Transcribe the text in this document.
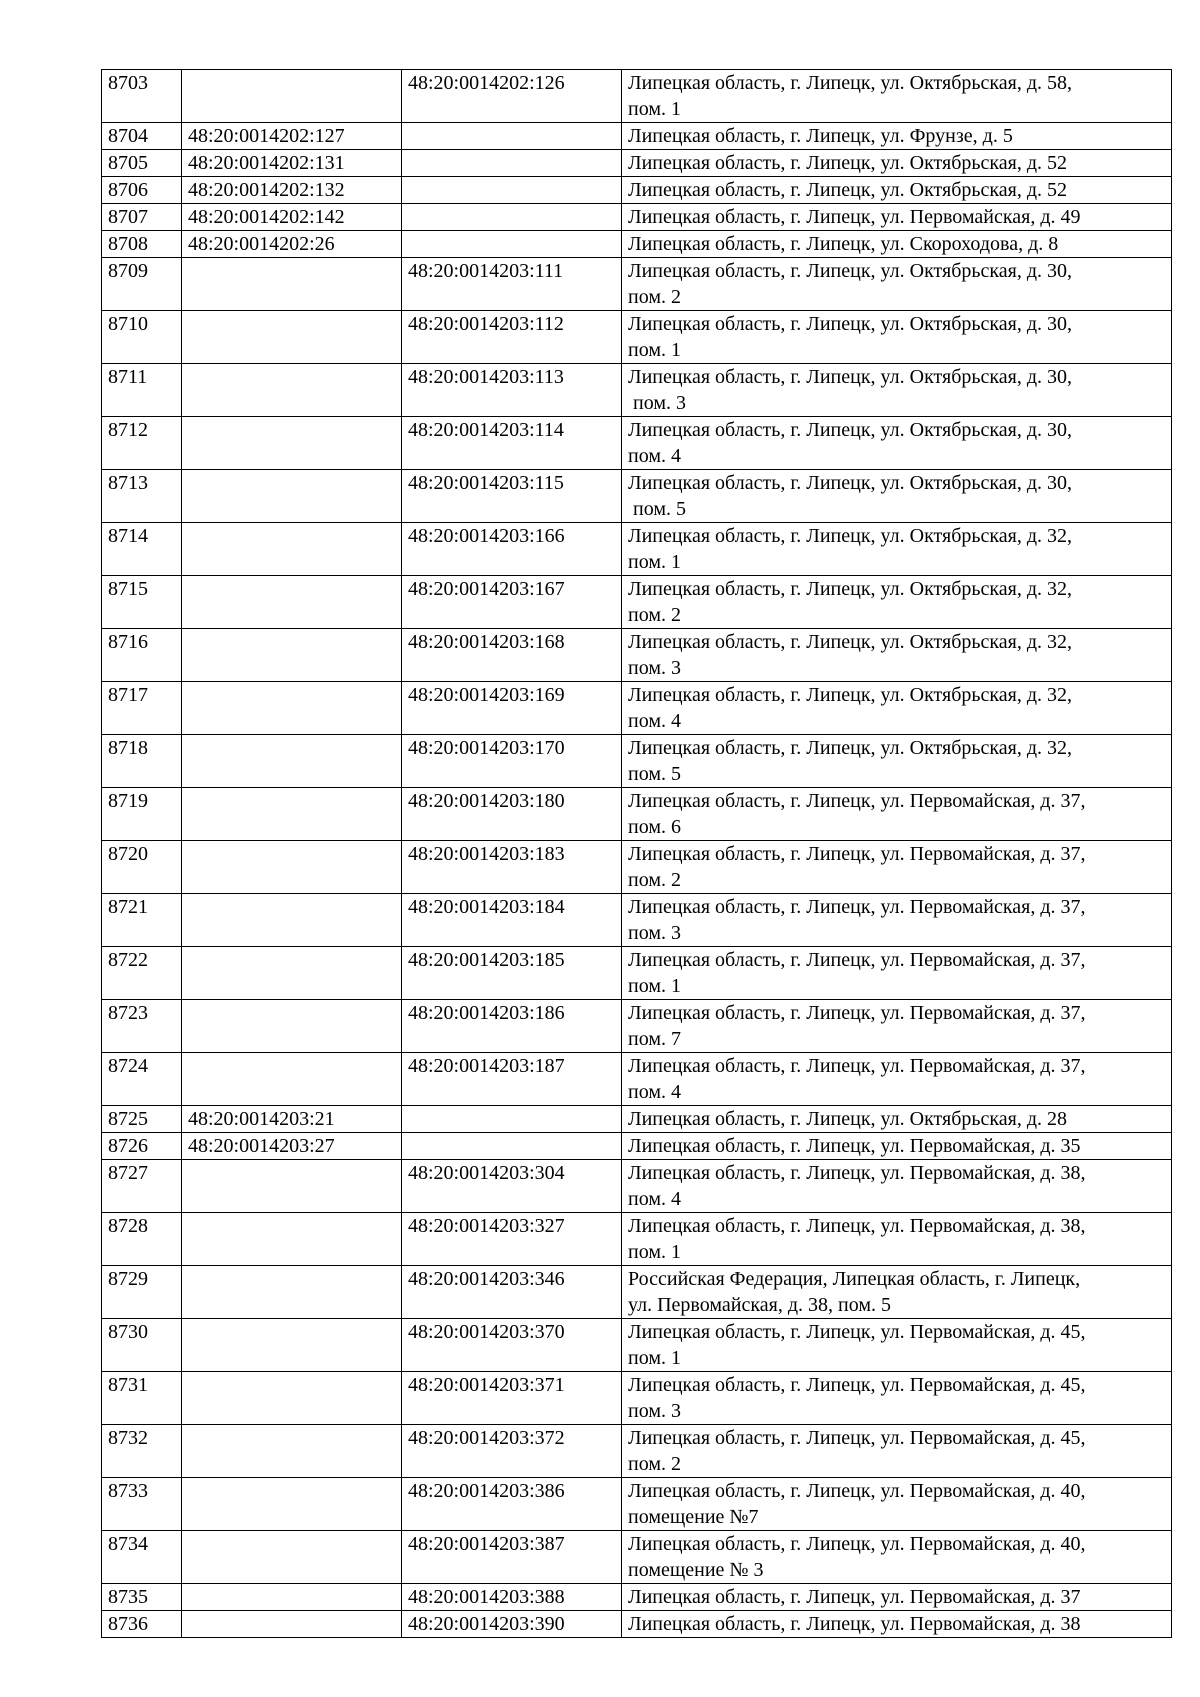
8703		48:20:0014202:126	Липецкая область, г. Липецк, ул. Октябрьская, д. 58,
пом. 1
8704	48:20:0014202:127		Липецкая область, г. Липецк, ул. Фрунзе, д. 5
8705	48:20:0014202:131		Липецкая область, г. Липецк, ул. Октябрьская, д. 52
8706	48:20:0014202:132		Липецкая область, г. Липецк, ул. Октябрьская, д. 52
8707	48:20:0014202:142		Липецкая область, г. Липецк, ул. Первомайская, д. 49
8708	48:20:0014202:26		Липецкая область, г. Липецк, ул. Скороходова, д. 8
8709		48:20:0014203:111	Липецкая область, г. Липецк, ул. Октябрьская, д. 30,
пом. 2
8710		48:20:0014203:112	Липецкая область, г. Липецк, ул. Октябрьская, д. 30,
пом. 1
8711		48:20:0014203:113	Липецкая область, г. Липецк, ул. Октябрьская, д. 30,
пом. 3
8712		48:20:0014203:114	Липецкая область, г. Липецк, ул. Октябрьская, д. 30,
пом. 4
8713		48:20:0014203:115	Липецкая область, г. Липецк, ул. Октябрьская, д. 30,
пом. 5
8714		48:20:0014203:166	Липецкая область, г. Липецк, ул. Октябрьская, д. 32,
пом. 1
8715		48:20:0014203:167	Липецкая область, г. Липецк, ул. Октябрьская, д. 32,
пом. 2
8716		48:20:0014203:168	Липецкая область, г. Липецк, ул. Октябрьская, д. 32,
пом. 3
8717		48:20:0014203:169	Липецкая область, г. Липецк, ул. Октябрьская, д. 32,
пом. 4
8718		48:20:0014203:170	Липецкая область, г. Липецк, ул. Октябрьская, д. 32,
пом. 5
8719		48:20:0014203:180	Липецкая область, г. Липецк, ул. Первомайская, д. 37,
пом. 6
8720		48:20:0014203:183	Липецкая область, г. Липецк, ул. Первомайская, д. 37,
пом. 2
8721		48:20:0014203:184	Липецкая область, г. Липецк, ул. Первомайская, д. 37,
пом. 3
8722		48:20:0014203:185	Липецкая область, г. Липецк, ул. Первомайская, д. 37,
пом. 1
8723		48:20:0014203:186	Липецкая область, г. Липецк, ул. Первомайская, д. 37,
пом. 7
8724		48:20:0014203:187	Липецкая область, г. Липецк, ул. Первомайская, д. 37,
пом. 4
8725	48:20:0014203:21		Липецкая область, г. Липецк, ул. Октябрьская, д. 28
8726	48:20:0014203:27		Липецкая область, г. Липецк, ул. Первомайская, д. 35
8727		48:20:0014203:304	Липецкая область, г. Липецк, ул. Первомайская, д. 38,
пом. 4
8728		48:20:0014203:327	Липецкая область, г. Липецк, ул. Первомайская, д. 38,
пом. 1
8729		48:20:0014203:346	Российская Федерация, Липецкая область, г. Липецк,
ул. Первомайская, д. 38, пом. 5
8730		48:20:0014203:370	Липецкая область, г. Липецк, ул. Первомайская, д. 45,
пом. 1
8731		48:20:0014203:371	Липецкая область, г. Липецк, ул. Первомайская, д. 45,
пом. 3
8732		48:20:0014203:372	Липецкая область, г. Липецк, ул. Первомайская, д. 45,
пом. 2
8733		48:20:0014203:386	Липецкая область, г. Липецк, ул. Первомайская, д. 40,
помещение №7
8734		48:20:0014203:387	Липецкая область, г. Липецк, ул. Первомайская, д. 40,
помещение № 3
8735		48:20:0014203:388	Липецкая область, г. Липецк, ул. Первомайская, д. 37
8736		48:20:0014203:390	Липецкая область, г. Липецк, ул. Первомайская, д. 38
